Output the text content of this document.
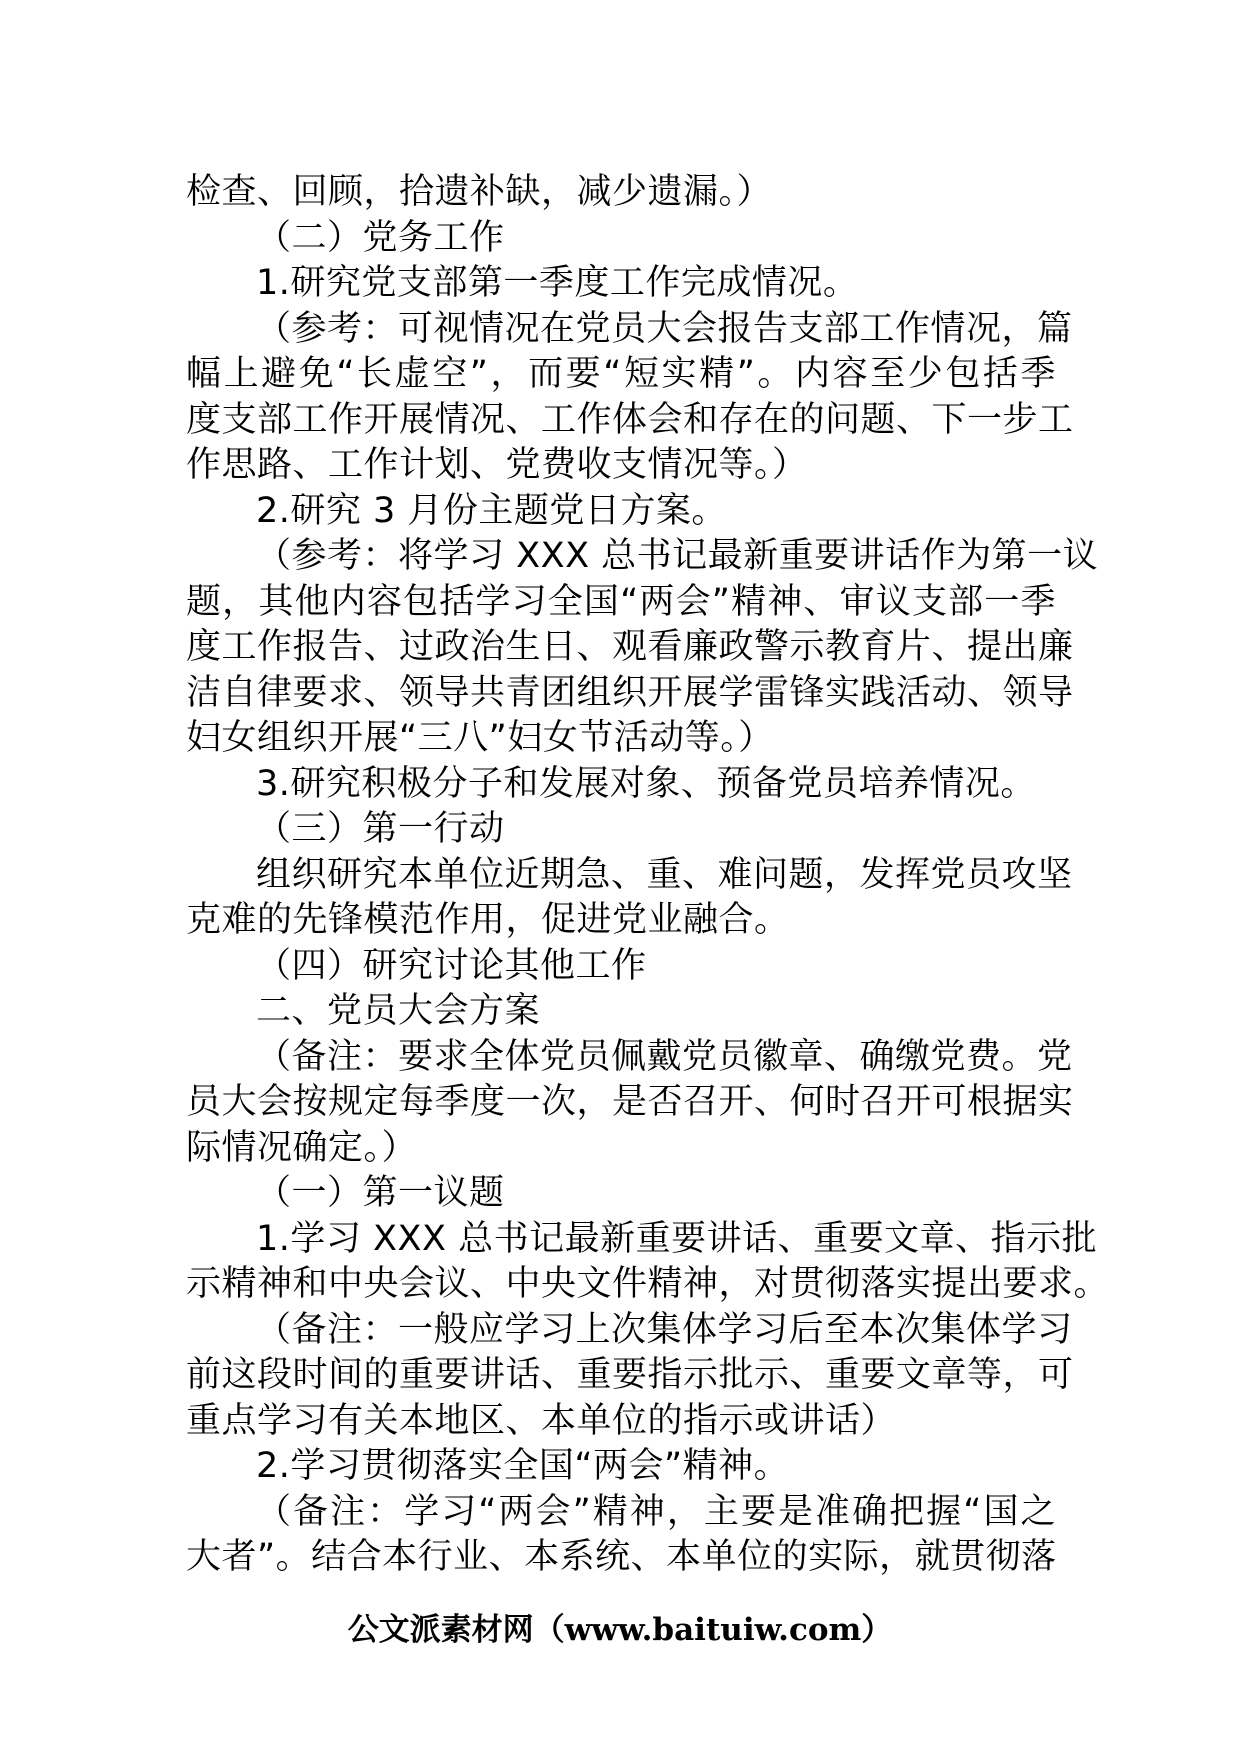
检查、回顾，拾遗补缺，减少遗漏。）
（二）党务工作
1.研究党支部第一季度工作完成情况。
（参考：可视情况在党员大会报告支部工作情况，篇
幅上避免“长虚空”，而要“短实精”。内容至少包括季
度支部工作开展情况、工作体会和存在的问题、下一步工
作思路、工作计划、党费收支情况等。）
2.研究 3 月份主题党日方案。
（参考：将学习 XXX 总书记最新重要讲话作为第一议
题，其他内容包括学习全国“两会”精神、审议支部一季
度工作报告、过政治生日、观看廉政警示教育片、提出廉
洁自律要求、领导共青团组织开展学雷锋实践活动、领导
妇女组织开展“三八”妇女节活动等。）
3.研究积极分子和发展对象、预备党员培养情况。
（三）第一行动
组织研究本单位近期急、重、难问题，发挥党员攻坚
克难的先锋模范作用，促进党业融合。
（四）研究讨论其他工作
二、党员大会方案
（备注：要求全体党员佩戴党员徽章、确缴党费。党
员大会按规定每季度一次，是否召开、何时召开可根据实
际情况确定。）
（一）第一议题
1.学习 XXX 总书记最新重要讲话、重要文章、指示批
示精神和中央会议、中央文件精神，对贯彻落实提出要求。
（备注：一般应学习上次集体学习后至本次集体学习
前这段时间的重要讲话、重要指示批示、重要文章等，可
重点学习有关本地区、本单位的指示或讲话）
2.学习贯彻落实全国“两会”精神。
（备注：学习“两会”精神，主要是准确把握“国之
大者”。结合本行业、本系统、本单位的实际，就贯彻落
公文派素材网（www.baituiw.com）
